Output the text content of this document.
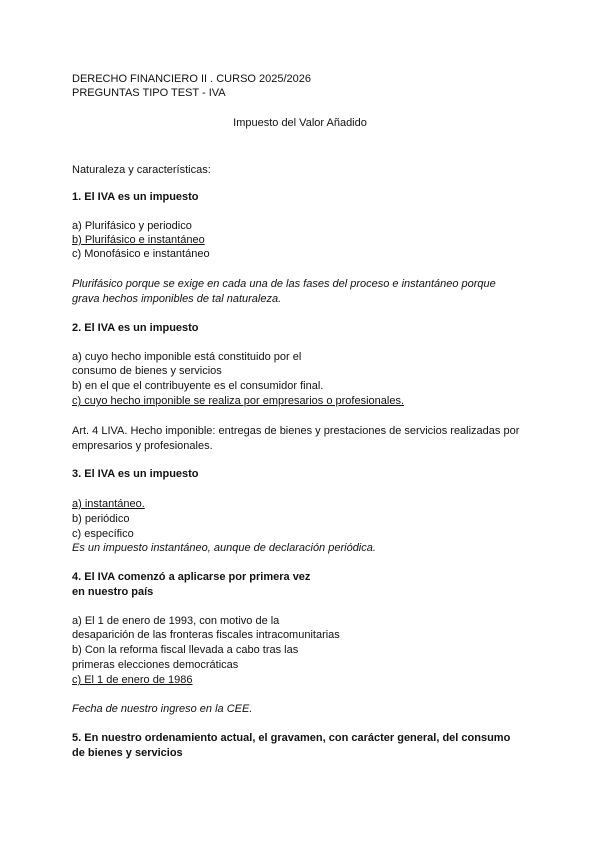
DERECHO FINANCIERO II . CURSO 2025/2026
PREGUNTAS TIPO TEST - IVA
Impuesto del Valor Añadido
Naturaleza y características:
1. El IVA es un impuesto
a) Plurifásico y periodico
b) Plurifásico e instantáneo
c) Monofásico e instantáneo
Plurifásico porque se exige en cada una de las fases del proceso e instantáneo porque
grava hechos imponibles de tal naturaleza.
2. El IVA es un impuesto
a) cuyo hecho imponible está constituido por el
consumo de bienes y servicios
b) en el que el contribuyente es el consumidor final.
c) cuyo hecho imponible se realiza por empresarios o profesionales.
Art. 4 LIVA. Hecho imponible: entregas de bienes y prestaciones de servicios realizadas por
empresarios y profesionales.
3. El IVA es un impuesto
a) instantáneo.
b) periódico
c) específico
Es un impuesto instantáneo, aunque de declaración periódica.
4. El IVA comenzó a aplicarse por primera vez
en nuestro país
a) El 1 de enero de 1993, con motivo de la
desaparición de las fronteras fiscales intracomunitarias
b) Con la reforma fiscal llevada a cabo tras las
primeras elecciones democráticas
c) El 1 de enero de 1986
Fecha de nuestro ingreso en la CEE.
5. En nuestro ordenamiento actual, el gravamen, con carácter general, del consumo
de bienes y servicios
